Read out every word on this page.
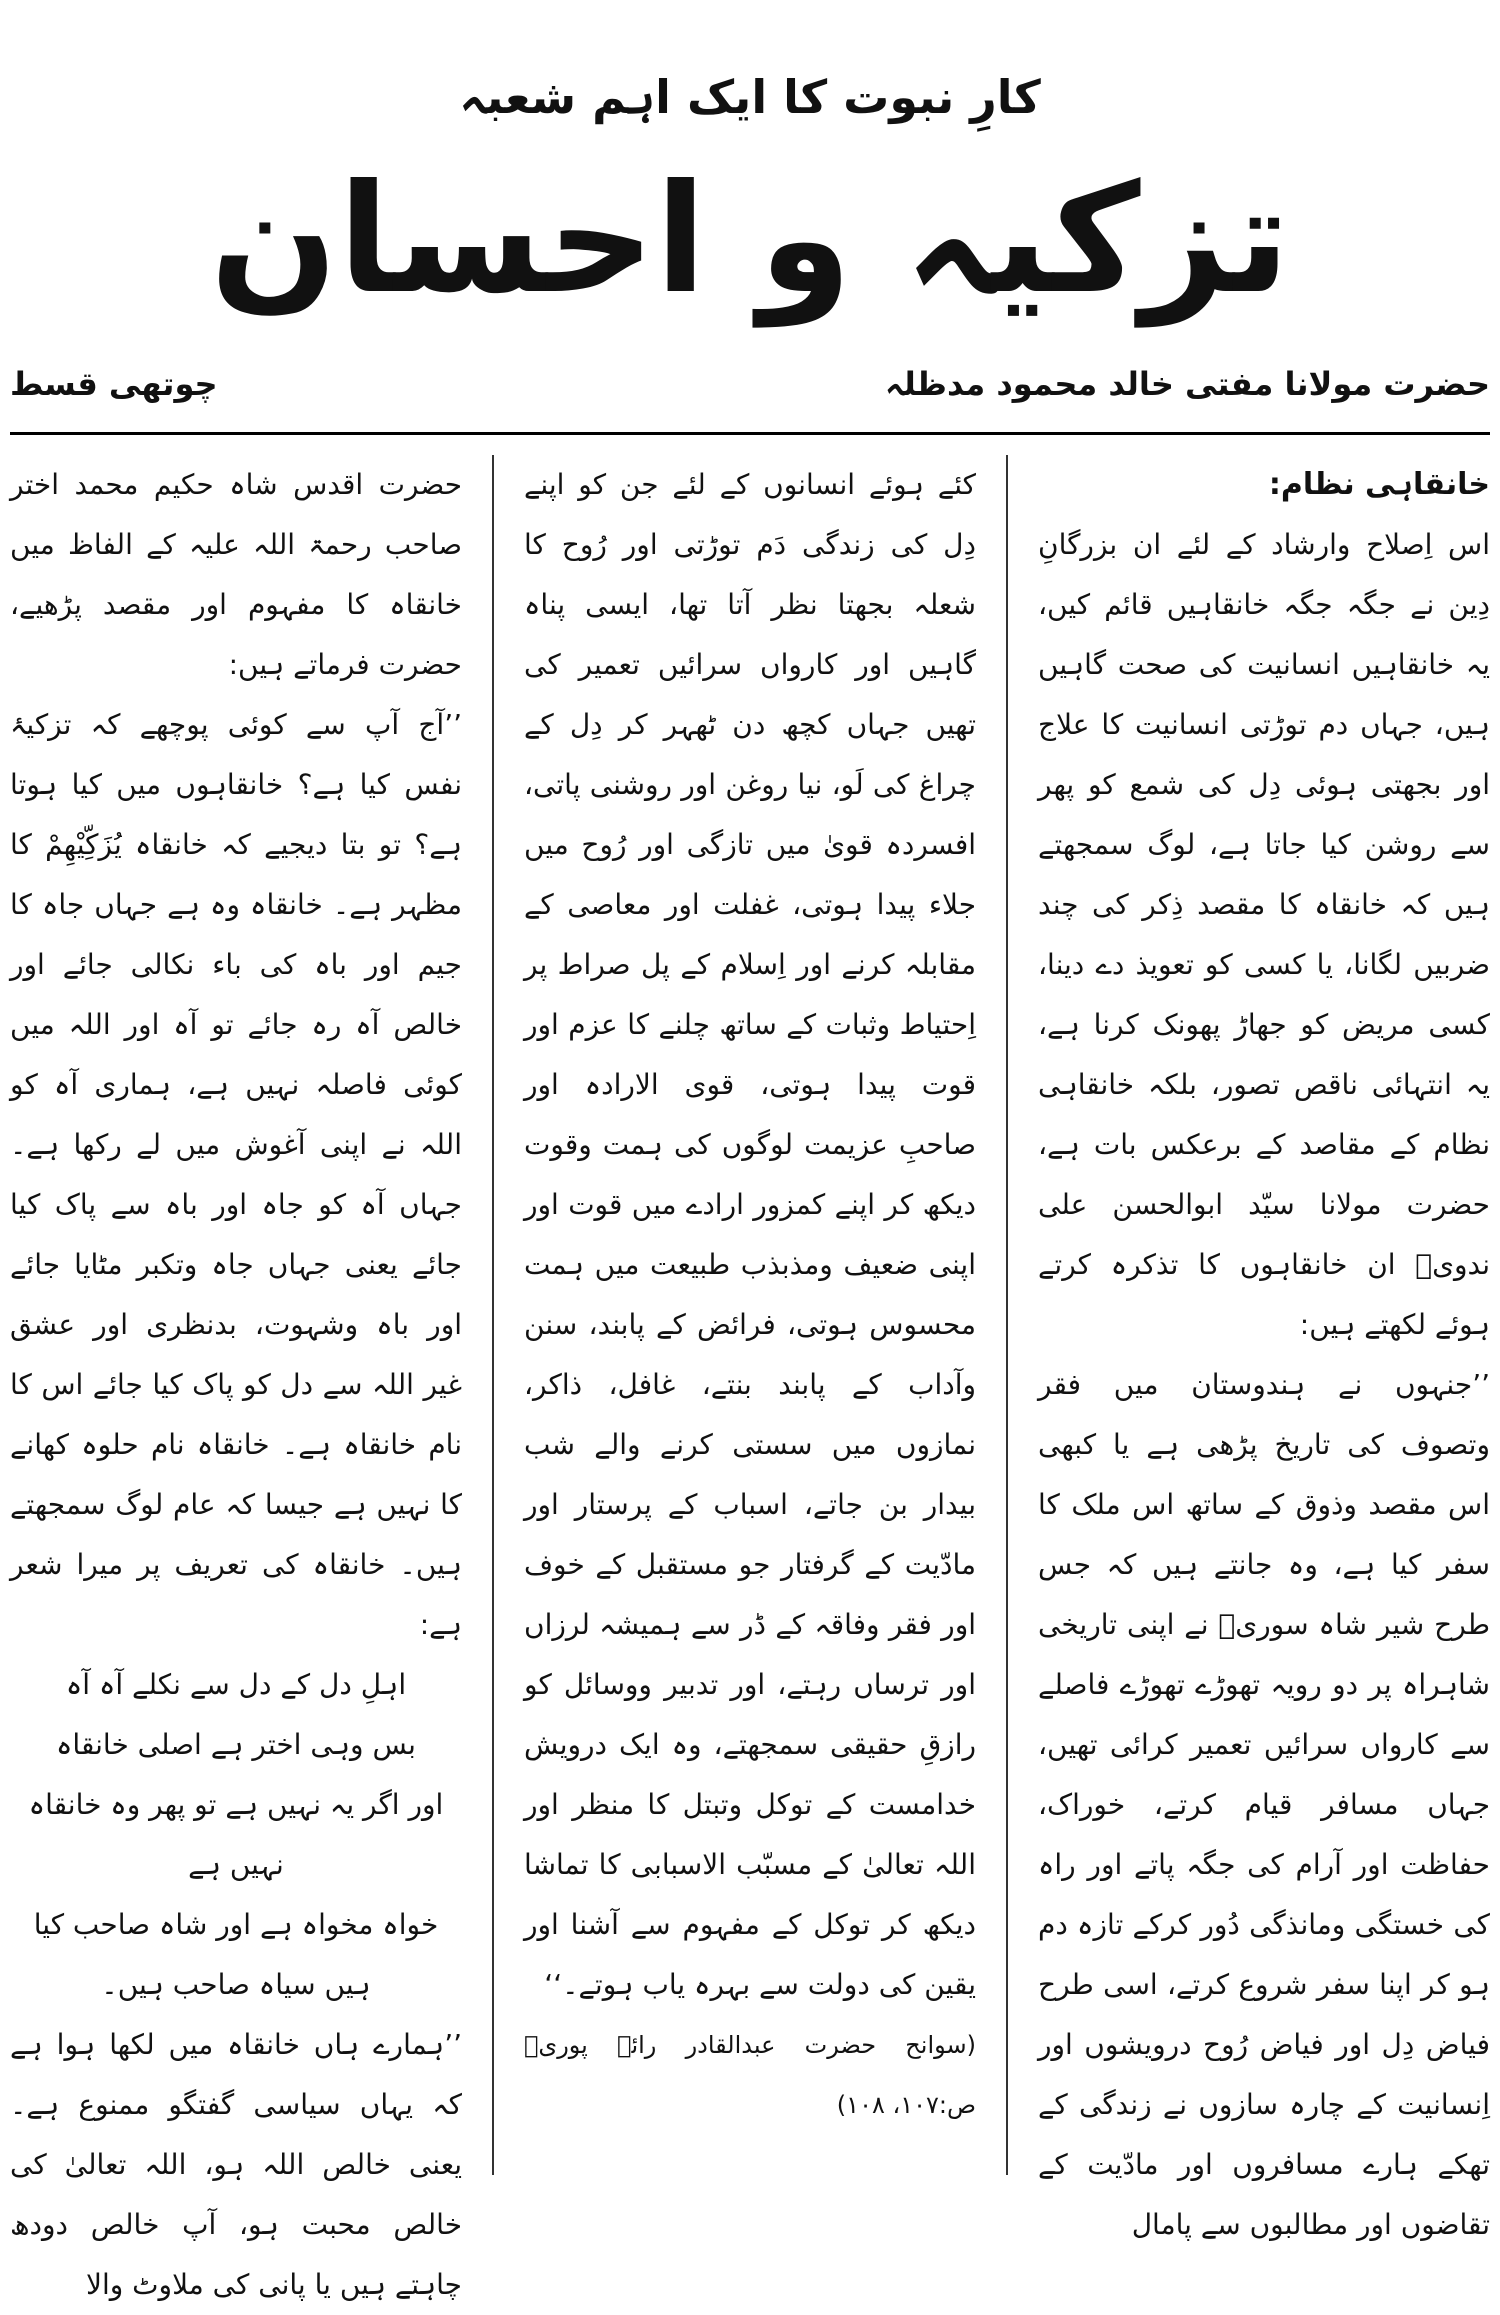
کارِ نبوت کا ایک اہم شعبہ
تزکیہ و احسان
حضرت مولانا مفتی خالد محمود مدظلہ
چوتھی قسط

خانقاہی نظام:

اس اِصلاح وارشاد کے لئے ان بزرگانِ دِین نے جگہ جگہ خانقاہیں قائم کیں، یہ خانقاہیں انسانیت کی صحت گاہیں ہیں، جہاں دم توڑتی انسانیت کا علاج اور بجھتی ہوئی دِل کی شمع کو پھر سے روشن کیا جاتا ہے، لوگ سمجھتے ہیں کہ خانقاہ کا مقصد ذِکر کی چند ضربیں لگانا، یا کسی کو تعویذ دے دینا، کسی مریض کو جھاڑ پھونک کرنا ہے، یہ انتہائی ناقص تصور، بلکہ خانقاہی نظام کے مقاصد کے برعکس بات ہے، حضرت مولانا سیّد ابوالحسن علی ندویؒ ان خانقاہوں کا تذکرہ کرتے ہوئے لکھتے ہیں:

’’جنہوں نے ہندوستان میں فقر وتصوف کی تاریخ پڑھی ہے یا کبھی اس مقصد وذوق کے ساتھ اس ملک کا سفر کیا ہے، وہ جانتے ہیں کہ جس طرح شیر شاہ سوریؒ نے اپنی تاریخی شاہراہ پر دو رویہ تھوڑے تھوڑے فاصلے سے کارواں سرائیں تعمیر کرائی تھیں، جہاں مسافر قیام کرتے، خوراک، حفاظت اور آرام کی جگہ پاتے اور راہ کی خستگی ومانذگی دُور کرکے تازہ دم ہو کر اپنا سفر شروع کرتے، اسی طرح فیاض دِل اور فیاض رُوح درویشوں اور اِنسانیت کے چارہ سازوں نے زندگی کے تھکے ہارے مسافروں اور مادّیت کے تقاضوں اور مطالبوں سے پامال

کئے ہوئے انسانوں کے لئے جن کو اپنے دِل کی زندگی دَم توڑتی اور رُوح کا شعلہ بجھتا نظر آتا تھا، ایسی پناہ گاہیں اور کارواں سرائیں تعمیر کی تھیں جہاں کچھ دن ٹھہر کر دِل کے چراغ کی لَو، نیا روغن اور روشنی پاتی، افسردہ قویٰ میں تازگی اور رُوح میں جلاء پیدا ہوتی، غفلت اور معاصی کے مقابلہ کرنے اور اِسلام کے پل صراط پر اِحتیاط وثبات کے ساتھ چلنے کا عزم اور قوت پیدا ہوتی، قوی الارادہ اور صاحبِ عزیمت لوگوں کی ہمت وقوت دیکھ کر اپنے کمزور ارادے میں قوت اور اپنی ضعیف ومذبذب طبیعت میں ہمت محسوس ہوتی، فرائض کے پابند، سنن وآداب کے پابند بنتے، غافل، ذاکر، نمازوں میں سستی کرنے والے شب بیدار بن جاتے، اسباب کے پرستار اور مادّیت کے گرفتار جو مستقبل کے خوف اور فقر وفاقہ کے ڈر سے ہمیشہ لرزاں اور ترساں رہتے، اور تدبیر ووسائل کو رازقِ حقیقی سمجھتے، وہ ایک درویش خدامست کے توکل وتبتل کا منظر اور اللہ تعالیٰ کے مسبّب الاسبابی کا تماشا دیکھ کر توکل کے مفہوم سے آشنا اور یقین کی دولت سے بہرہ یاب ہوتے۔‘‘

(سوانح حضرت عبدالقادر رائے پوریؒ ص:۱۰۷، ۱۰۸)

حضرت اقدس شاہ حکیم محمد اختر صاحب رحمۃ اللہ علیہ کے الفاظ میں خانقاہ کا مفہوم اور مقصد پڑھیے، حضرت فرماتے ہیں:

’’آج آپ سے کوئی پوچھے کہ تزکیۂ نفس کیا ہے؟ خانقاہوں میں کیا ہوتا ہے؟ تو بتا دیجیے کہ خانقاہ یُزَکِّیْھِمْ کا مظہر ہے۔ خانقاہ وہ ہے جہاں جاہ کا جیم اور باہ کی باء نکالی جائے اور خالص آہ رہ جائے تو آہ اور اللہ میں کوئی فاصلہ نہیں ہے، ہماری آہ کو اللہ نے اپنی آغوش میں لے رکھا ہے۔ جہاں آہ کو جاہ اور باہ سے پاک کیا جائے یعنی جہاں جاہ وتکبر مٹایا جائے اور باہ وشہوت، بدنظری اور عشق غیر اللہ سے دل کو پاک کیا جائے اس کا نام خانقاہ ہے۔ خانقاہ نام حلوہ کھانے کا نہیں ہے جیسا کہ عام لوگ سمجھتے ہیں۔ خانقاہ کی تعریف پر میرا شعر ہے:

اہلِ دل کے دل سے نکلے آہ آہ

بس وہی اختر ہے اصلی خانقاہ

اور اگر یہ نہیں ہے تو پھر وہ خانقاہ نہیں ہے

خواہ مخواہ ہے اور شاہ صاحب کیا ہیں سیاہ صاحب ہیں۔

’’ہمارے ہاں خانقاہ میں لکھا ہوا ہے کہ یہاں سیاسی گفتگو ممنوع ہے۔ یعنی خالص اللہ ہو، اللہ تعالیٰ کی خالص محبت ہو، آپ خالص دودھ چاہتے ہیں یا پانی کی ملاوٹ والا
